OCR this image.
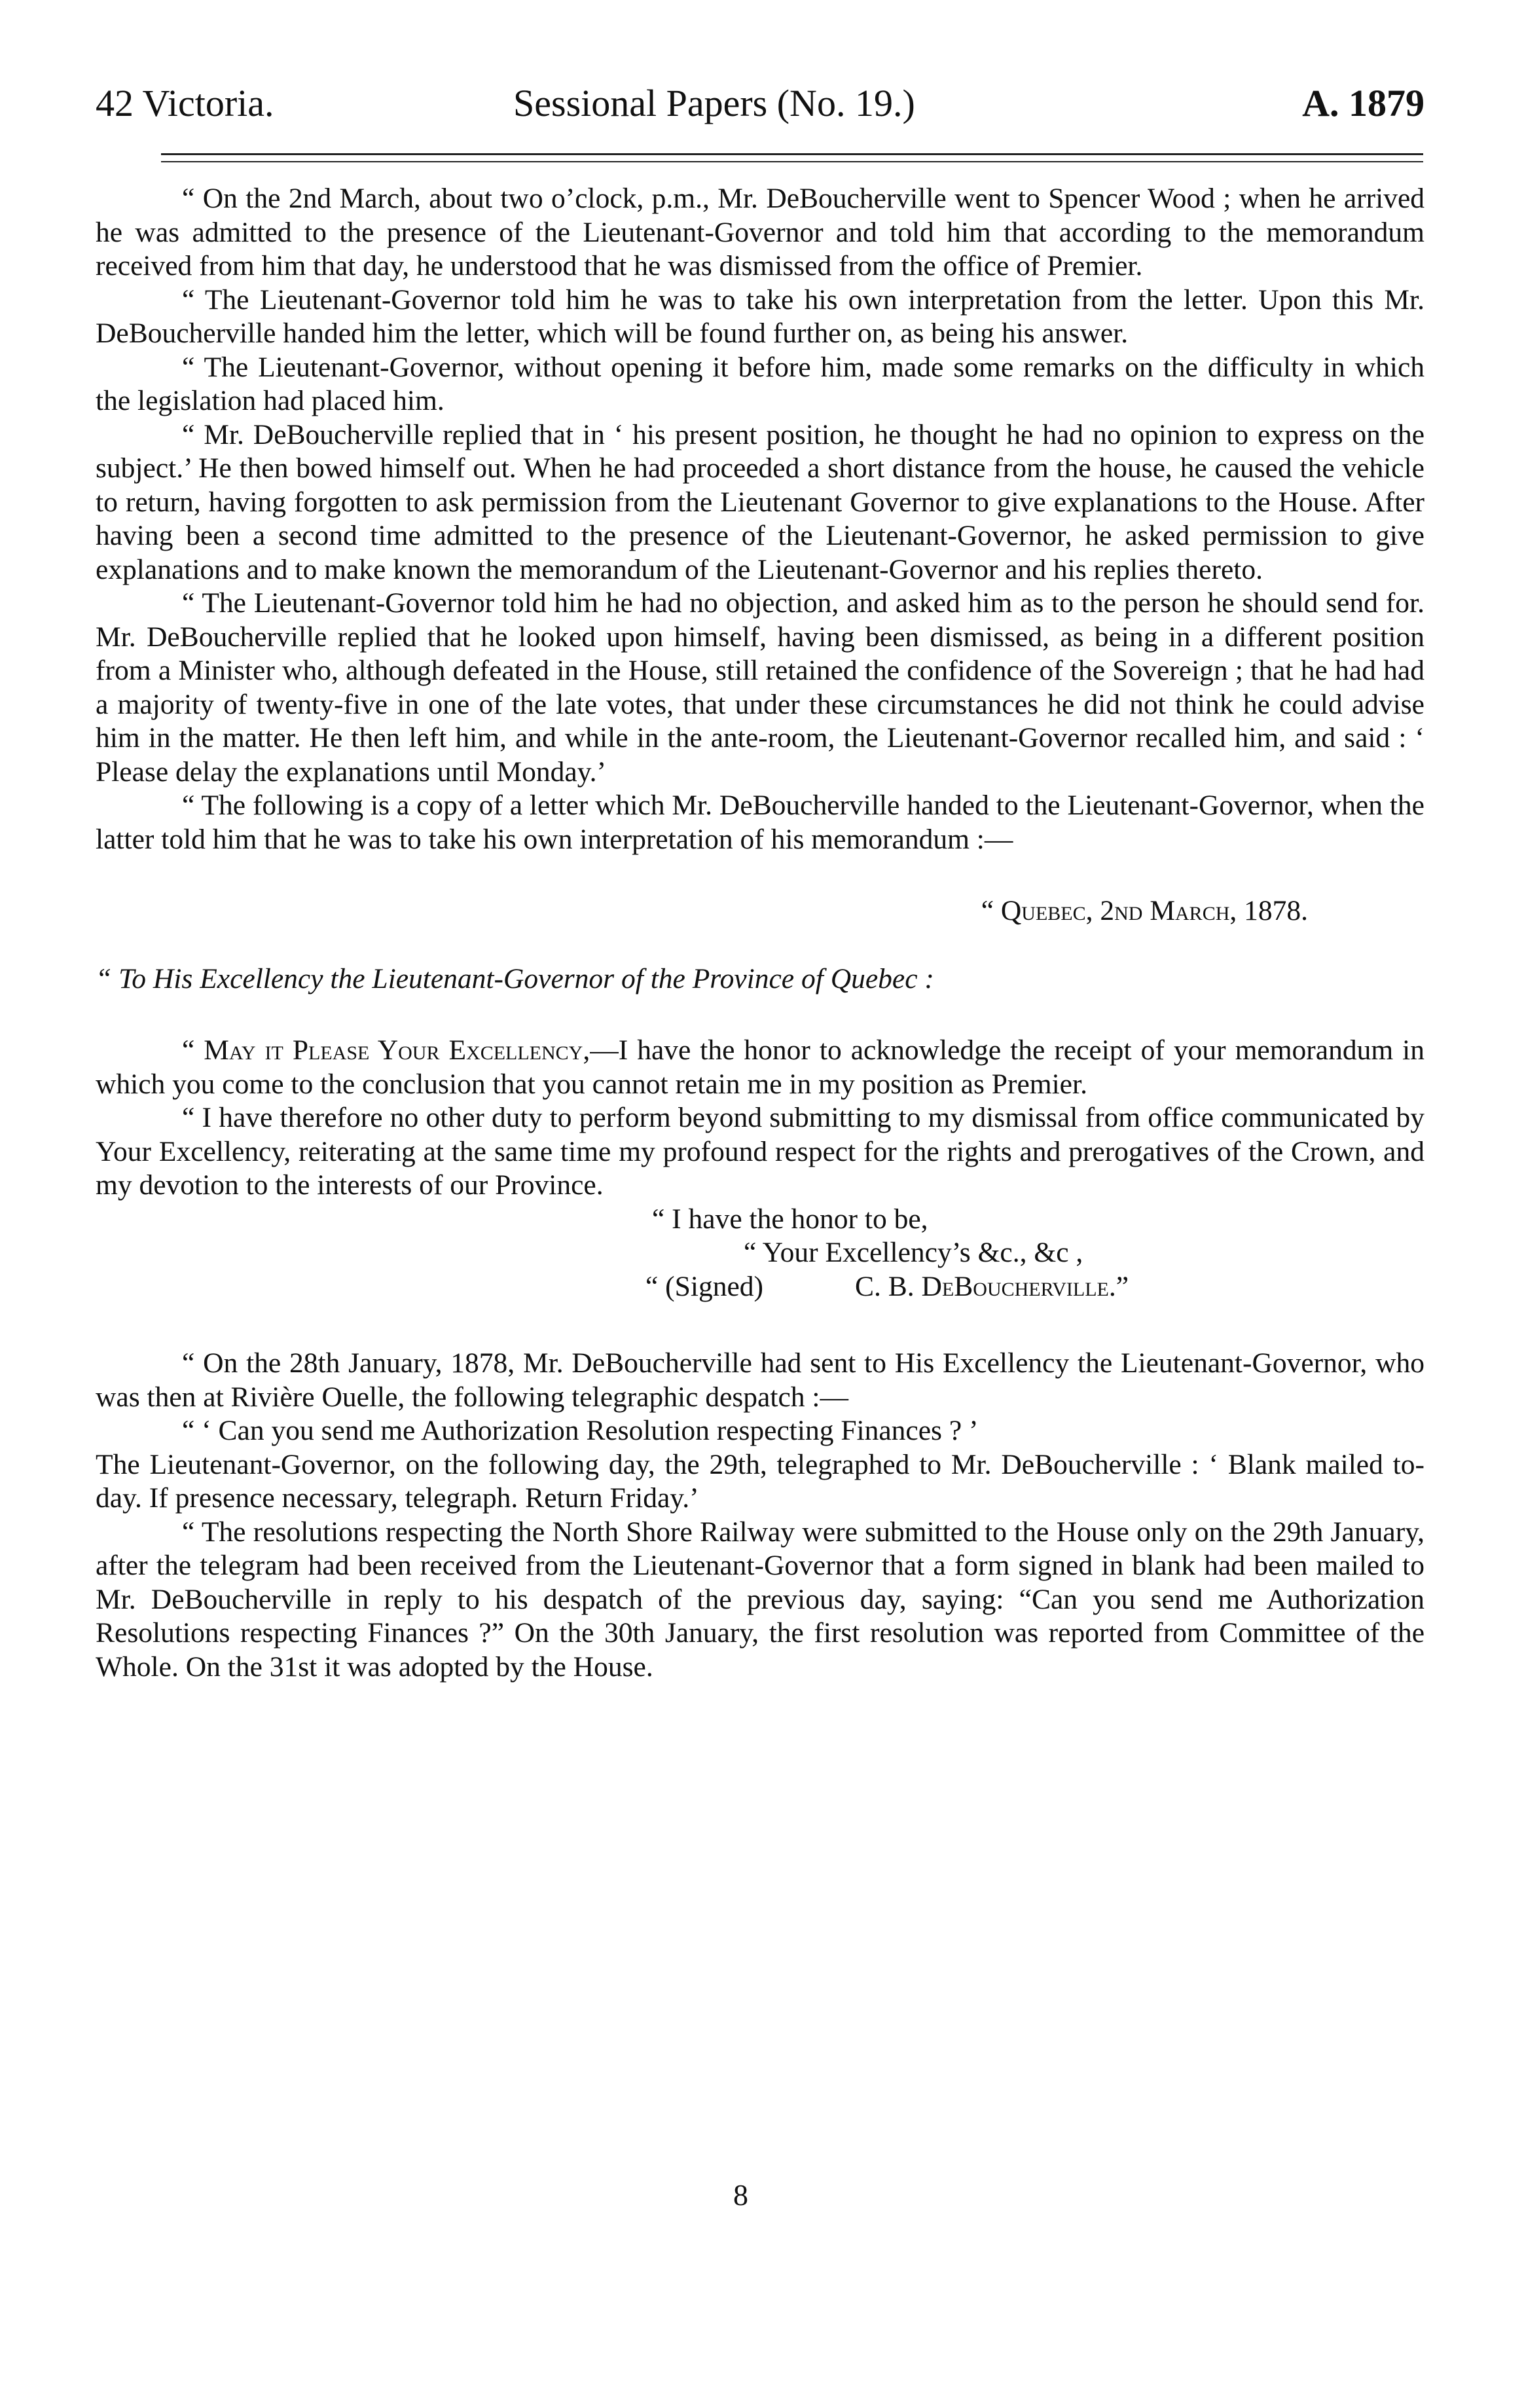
42 Victoria.	Sessional Papers (No. 19.)	A. 1879

“ On the 2nd March, about two o’clock, p.m., Mr. DeBoucherville went to Spencer Wood ; when he arrived he was admitted to the presence of the Lieutenant-Governor and told him that according to the memorandum received from him that day, he understood that he was dismissed from the office of Premier.

“ The Lieutenant-Governor told him he was to take his own interpretation from the letter. Upon this Mr. DeBoucherville handed him the letter, which will be found further on, as being his answer.

“ The Lieutenant-Governor, without opening it before him, made some remarks on the difficulty in which the legislation had placed him.

“ Mr. DeBoucherville replied that in ‘ his present position, he thought he had no opinion to express on the subject.’ He then bowed himself out. When he had proceeded a short distance from the house, he caused the vehicle to return, having forgotten to ask permission from the Lieutenant Governor to give explanations to the House. After having been a second time admitted to the presence of the Lieutenant-Governor, he asked permission to give explanations and to make known the memorandum of the Lieutenant-Governor and his replies thereto.

“ The Lieutenant-Governor told him he had no objection, and asked him as to the person he should send for. Mr. DeBoucherville replied that he looked upon himself, having been dismissed, as being in a different position from a Minister who, although defeated in the House, still retained the confidence of the Sovereign ; that he had had a majority of twenty-five in one of the late votes, that under these circumstances he did not think he could advise him in the matter. He then left him, and while in the ante-room, the Lieutenant-Governor recalled him, and said : ‘ Please delay the explanations until Monday.’

“ The following is a copy of a letter which Mr. DeBoucherville handed to the Lieutenant-Governor, when the latter told him that he was to take his own interpretation of his memorandum :—

“ Quebec, 2nd March, 1878.

“ To His Excellency the Lieutenant-Governor of the Province of Quebec :

“ May it Please Your Excellency,—I have the honor to acknowledge the receipt of your memorandum in which you come to the conclusion that you cannot retain me in my position as Premier.

“ I have therefore no other duty to perform beyond submitting to my dismissal from office communicated by Your Excellency, reiterating at the same time my profound respect for the rights and prerogatives of the Crown, and my devotion to the interests of our Province.

“ I have the honor to be,

“ Your Excellency’s &c., &c ,

“ (Signed)	C. B. DeBoucherville.”

“ On the 28th January, 1878, Mr. DeBoucherville had sent to His Excellency the Lieutenant-Governor, who was then at Rivière Ouelle, the following telegraphic despatch :—

“ ‘ Can you send me Authorization Resolution respecting Finances ? ’

The Lieutenant-Governor, on the following day, the 29th, telegraphed to Mr. DeBoucherville : ‘ Blank mailed to-day. If presence necessary, telegraph. Return Friday.’

“ The resolutions respecting the North Shore Railway were submitted to the House only on the 29th January, after the telegram had been received from the Lieutenant-Governor that a form signed in blank had been mailed to Mr. DeBoucherville in reply to his despatch of the previous day, saying: “Can you send me Authorization Resolutions respecting Finances ?” On the 30th January, the first resolution was reported from Committee of the Whole. On the 31st it was adopted by the House.

8
